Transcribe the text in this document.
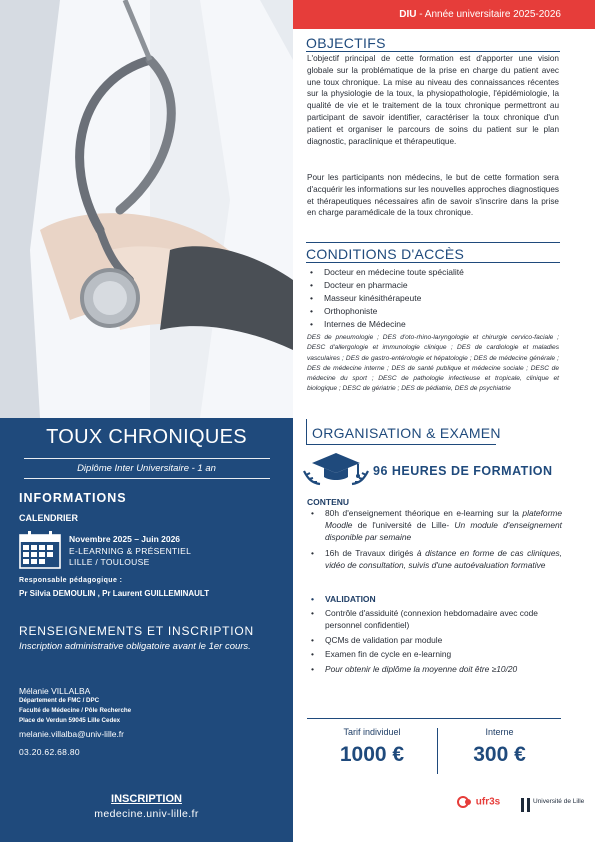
TOUX CHRONIQUES
Diplôme Inter Universitaire - 1 an
INFORMATIONS
CALENDRIER
Novembre 2025 – Juin 2026
E-LEARNING & PRÉSENTIEL
LILLE / TOULOUSE
Responsable pédagogique :
Pr Silvia DEMOULIN , Pr Laurent GUILLEMINAULT
RENSEIGNEMENTS ET INSCRIPTION
Inscription administrative obligatoire avant le 1er cours.
Mélanie VILLALBA
Département de FMC / DPC
Faculté de Médecine / Pôle Recherche
Place de Verdun 59045 Lille Cedex
melanie.villalba@univ-lille.fr
03.20.62.68.80
INSCRIPTION
medecine.univ-lille.fr
DIU - Année universitaire 2025-2026
OBJECTIFS
L'objectif principal de cette formation est d'apporter une vision globale sur la problématique de la prise en charge du patient avec une toux chronique. La mise au niveau des connaissances récentes sur la physiologie de la toux, la physiopathologie, l'épidémiologie, la qualité de vie et le traitement de la toux chronique permettront au participant de savoir identifier, caractériser la toux chronique d'un patient et organiser le parcours de soins du patient sur le plan diagnostic, paraclinique et thérapeutique.
Pour les participants non médecins, le but de cette formation sera d'acquérir les informations sur les nouvelles approches diagnostiques et thérapeutiques nécessaires afin de savoir s'inscrire dans la prise en charge paramédicale de la toux chronique.
CONDITIONS D'ACCÈS
• Docteur en médecine toute spécialité
• Docteur en pharmacie
• Masseur kinésithérapeute
• Orthophoniste
• Internes de Médecine
DES de pneumologie ; DES d'oto-rhino-laryngologie et chirurgie cervico-faciale ; DESC d'allergologie et immunologie clinique ; DES de cardiologie et maladies vasculaires ; DES de gastro-entérologie et hépatologie ; DES de médecine générale ; DES de médecine interne ; DES de santé publique et médecine sociale ; DESC de médecine du sport ; DESC de pathologie infectieuse et tropicale, clinique et biologique ; DESC de gériatrie ; DES de pédiatrie, DES de psychiatrie
ORGANISATION & EXAMEN
96 HEURES DE FORMATION
CONTENU
• 80h d'enseignement théorique en e-learning sur la plateforme Moodle de l'université de Lille- Un module d'enseignement disponible par semaine
• 16h de Travaux dirigés à distance en forme de cas cliniques, vidéo de consultation, suivis d'une autoévaluation formative
• VALIDATION
• Contrôle d'assiduité (connexion hebdomadaire avec code personnel confidentiel)
• QCMs de validation par module
• Examen fin de cycle en e-learning
• Pour obtenir le diplôme la moyenne doit être ≥10/20
Tarif individuel
1000 €
Interne
300 €
ufr3s	Université de Lille
